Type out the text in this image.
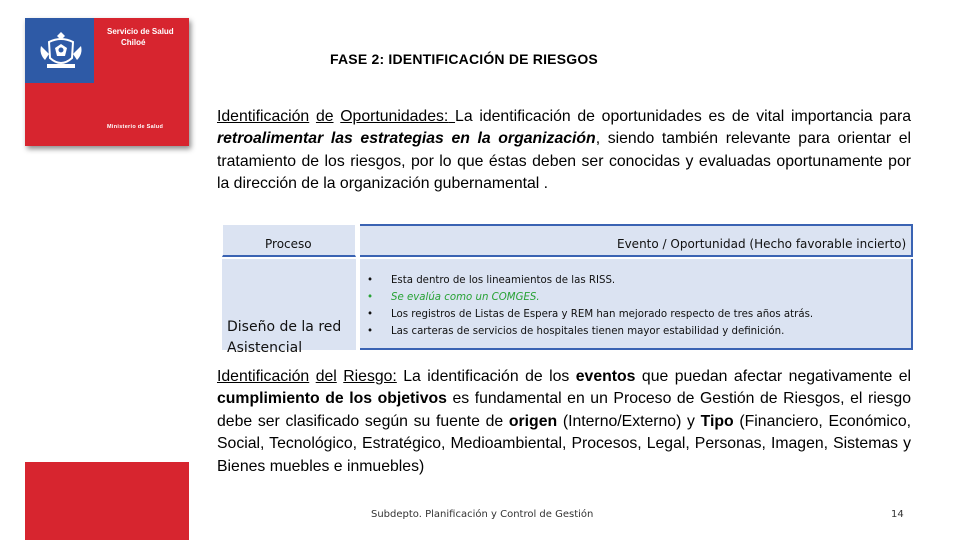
Servicio de Salud
Chiloé
Ministerio de Salud
FASE 2: IDENTIFICACIÓN DE RIESGOS
Identificación de Oportunidades: La identificación de oportunidades es de vital importancia para retroalimentar las estrategias en la organización, siendo también relevante para orientar el tratamiento de los riesgos, por lo que éstas deben ser conocidas y evaluadas oportunamente por la dirección de la organización gubernamental .
Proceso	Evento / Oportunidad (Hecho favorable incierto)
Diseño de la red
Asistencial
• Esta dentro de los lineamientos de las RISS.
• Se evalúa como un COMGES.
• Los registros de Listas de Espera y REM han mejorado respecto de tres años atrás.
• Las carteras de servicios de hospitales tienen mayor estabilidad y definición.
Identificación del Riesgo: La identificación de los eventos que puedan afectar negativamente el cumplimiento de los objetivos es fundamental en un Proceso de Gestión de Riesgos, el riesgo debe ser clasificado según su fuente de origen (Interno/Externo) y Tipo (Financiero, Económico, Social, Tecnológico, Estratégico, Medioambiental, Procesos, Legal, Personas, Imagen, Sistemas y Bienes muebles e inmuebles)
Subdepto. Planificación y Control de Gestión	14
